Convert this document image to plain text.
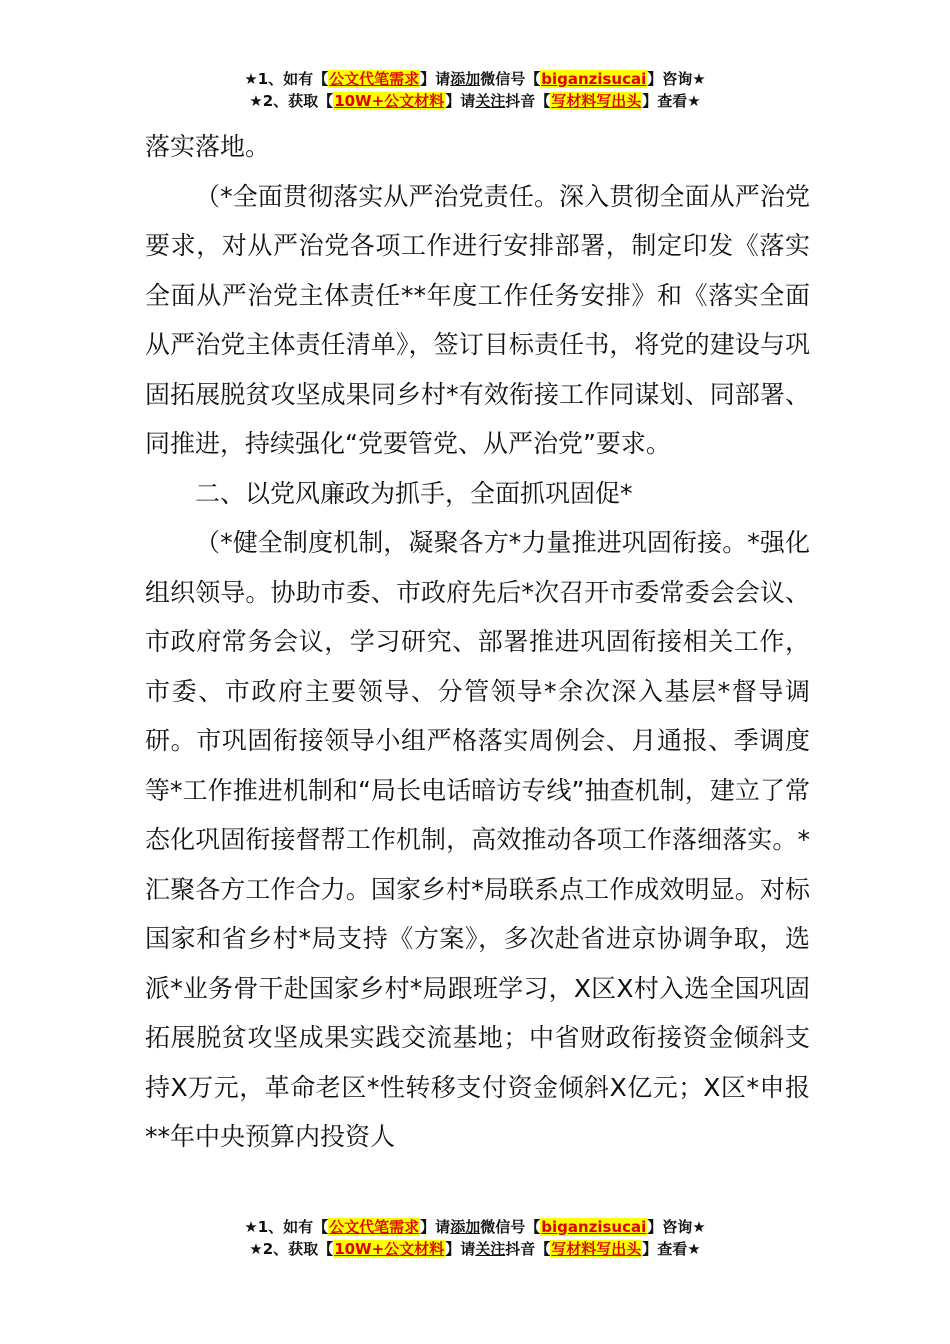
★1、如有【公文代笔需求】请添加微信号【biganzisucai】咨询★
★2、获取【10W+公文材料】请关注抖音【写材料写出头】查看★

落实落地。

（*全面贯彻落实从严治党责任。深入贯彻全面从严治党要求，对从严治党各项工作进行安排部署，制定印发《落实全面从严治党主体责任**年度工作任务安排》和《落实全面从严治党主体责任清单》，签订目标责任书，将党的建设与巩固拓展脱贫攻坚成果同乡村*有效衔接工作同谋划、同部署、同推进，持续强化“党要管党、从严治党”要求。

二、以党风廉政为抓手，全面抓巩固促*

（*健全制度机制，凝聚各方*力量推进巩固衔接。*强化组织领导。协助市委、市政府先后*次召开市委常委会会议、市政府常务会议，学习研究、部署推进巩固衔接相关工作，市委、市政府主要领导、分管领导*余次深入基层*督导调研。市巩固衔接领导小组严格落实周例会、月通报、季调度等*工作推进机制和“局长电话暗访专线”抽查机制，建立了常态化巩固衔接督帮工作机制，高效推动各项工作落细落实。*汇聚各方工作合力。国家乡村*局联系点工作成效明显。对标国家和省乡村*局支持《方案》，多次赴省进京协调争取，选派*业务骨干赴国家乡村*局跟班学习，X区X村入选全国巩固拓展脱贫攻坚成果实践交流基地；中省财政衔接资金倾斜支持X万元，革命老区*性转移支付资金倾斜X亿元；X区*申报**年中央预算内投资人

★1、如有【公文代笔需求】请添加微信号【biganzisucai】咨询★
★2、获取【10W+公文材料】请关注抖音【写材料写出头】查看★
